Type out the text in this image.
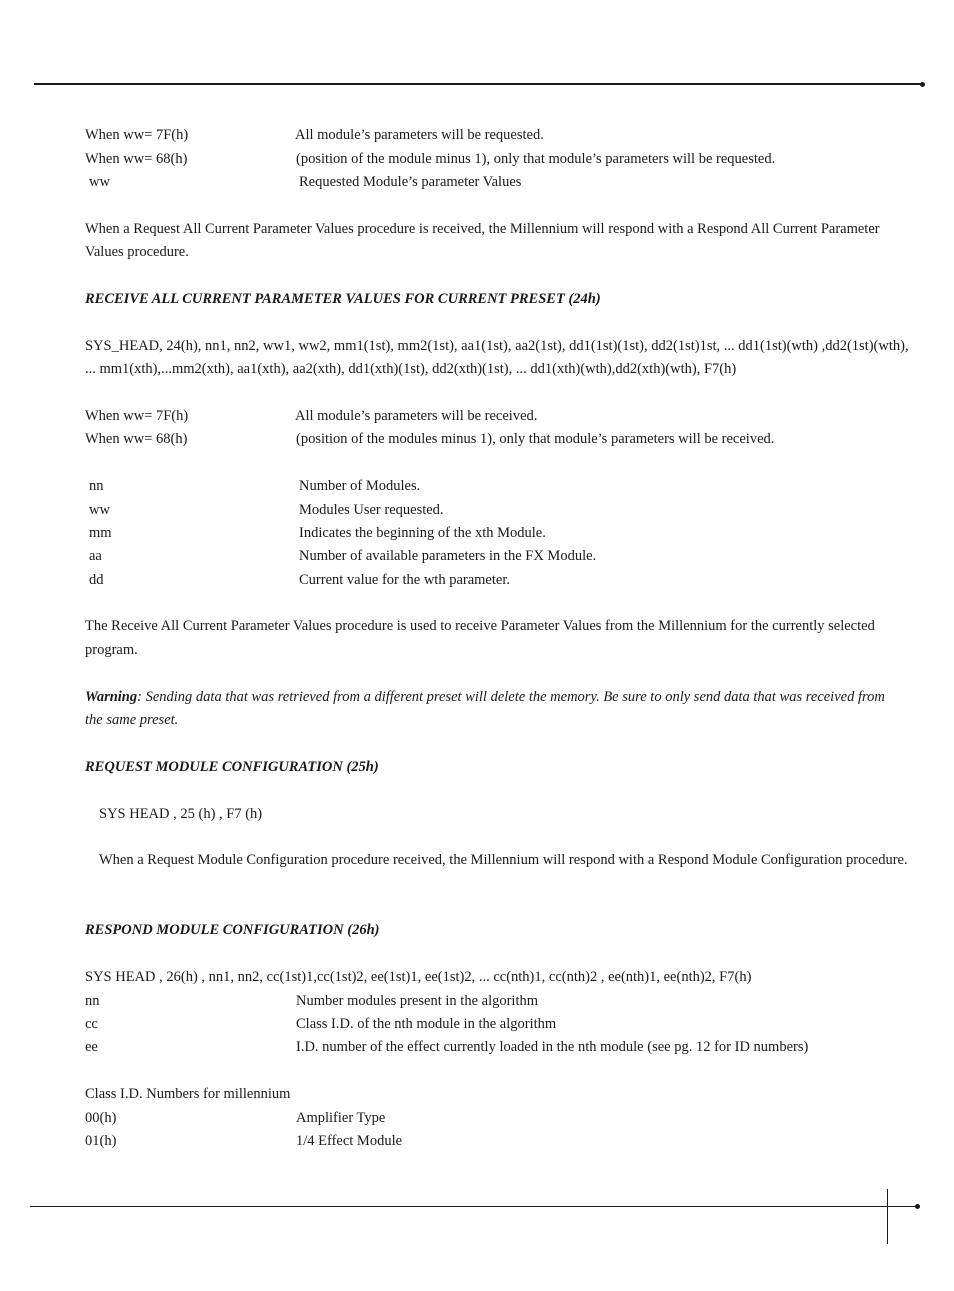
When ww= 7F(h)	All module’s parameters will be requested.
When ww= 68(h)	(position of the module minus 1), only that module’s parameters will be requested.
ww	Requested Module’s parameter Values
When a Request All Current Parameter Values procedure is received, the Millennium will respond with a Respond All Current Parameter
Values procedure.
RECEIVE ALL CURRENT PARAMETER VALUES FOR CURRENT PRESET (24h)
SYS_HEAD, 24(h), nn1, nn2, ww1, ww2, mm1(1st), mm2(1st), aa1(1st), aa2(1st), dd1(1st)(1st), dd2(1st)1st, ... dd1(1st)(wth) ,dd2(1st)(wth),
... mm1(xth),...mm2(xth), aa1(xth), aa2(xth), dd1(xth)(1st), dd2(xth)(1st), ... dd1(xth)(wth),dd2(xth)(wth), F7(h)
When ww= 7F(h)	All module’s parameters will be received.
When ww= 68(h)	(position of the modules minus 1), only that module’s parameters will be received.
nn	Number of Modules.
ww	Modules User requested.
mm	Indicates the beginning of the xth Module.
aa	Number of available parameters in the FX Module.
dd	Current value for the wth parameter.
The Receive All Current Parameter Values procedure is used to receive Parameter Values from the Millennium for the currently selected
program.
Warning: Sending data that was retrieved from a different preset will delete the memory. Be sure to only send data that was received from
the same preset.
REQUEST MODULE CONFIGURATION (25h)
SYS HEAD , 25 (h) , F7 (h)
When a Request Module Configuration procedure received, the Millennium will respond with a Respond Module Configuration procedure.
RESPOND MODULE CONFIGURATION (26h)
SYS HEAD , 26(h) , nn1, nn2, cc(1st)1,cc(1st)2, ee(1st)1, ee(1st)2, ... cc(nth)1, cc(nth)2 , ee(nth)1, ee(nth)2, F7(h)
nn	Number modules present in the algorithm
cc	Class I.D. of the nth module in the algorithm
ee	I.D. number of the effect currently loaded in the nth module (see pg. 12 for ID numbers)
Class I.D. Numbers for millennium
00(h)	Amplifier Type
01(h)	1/4 Effect Module
